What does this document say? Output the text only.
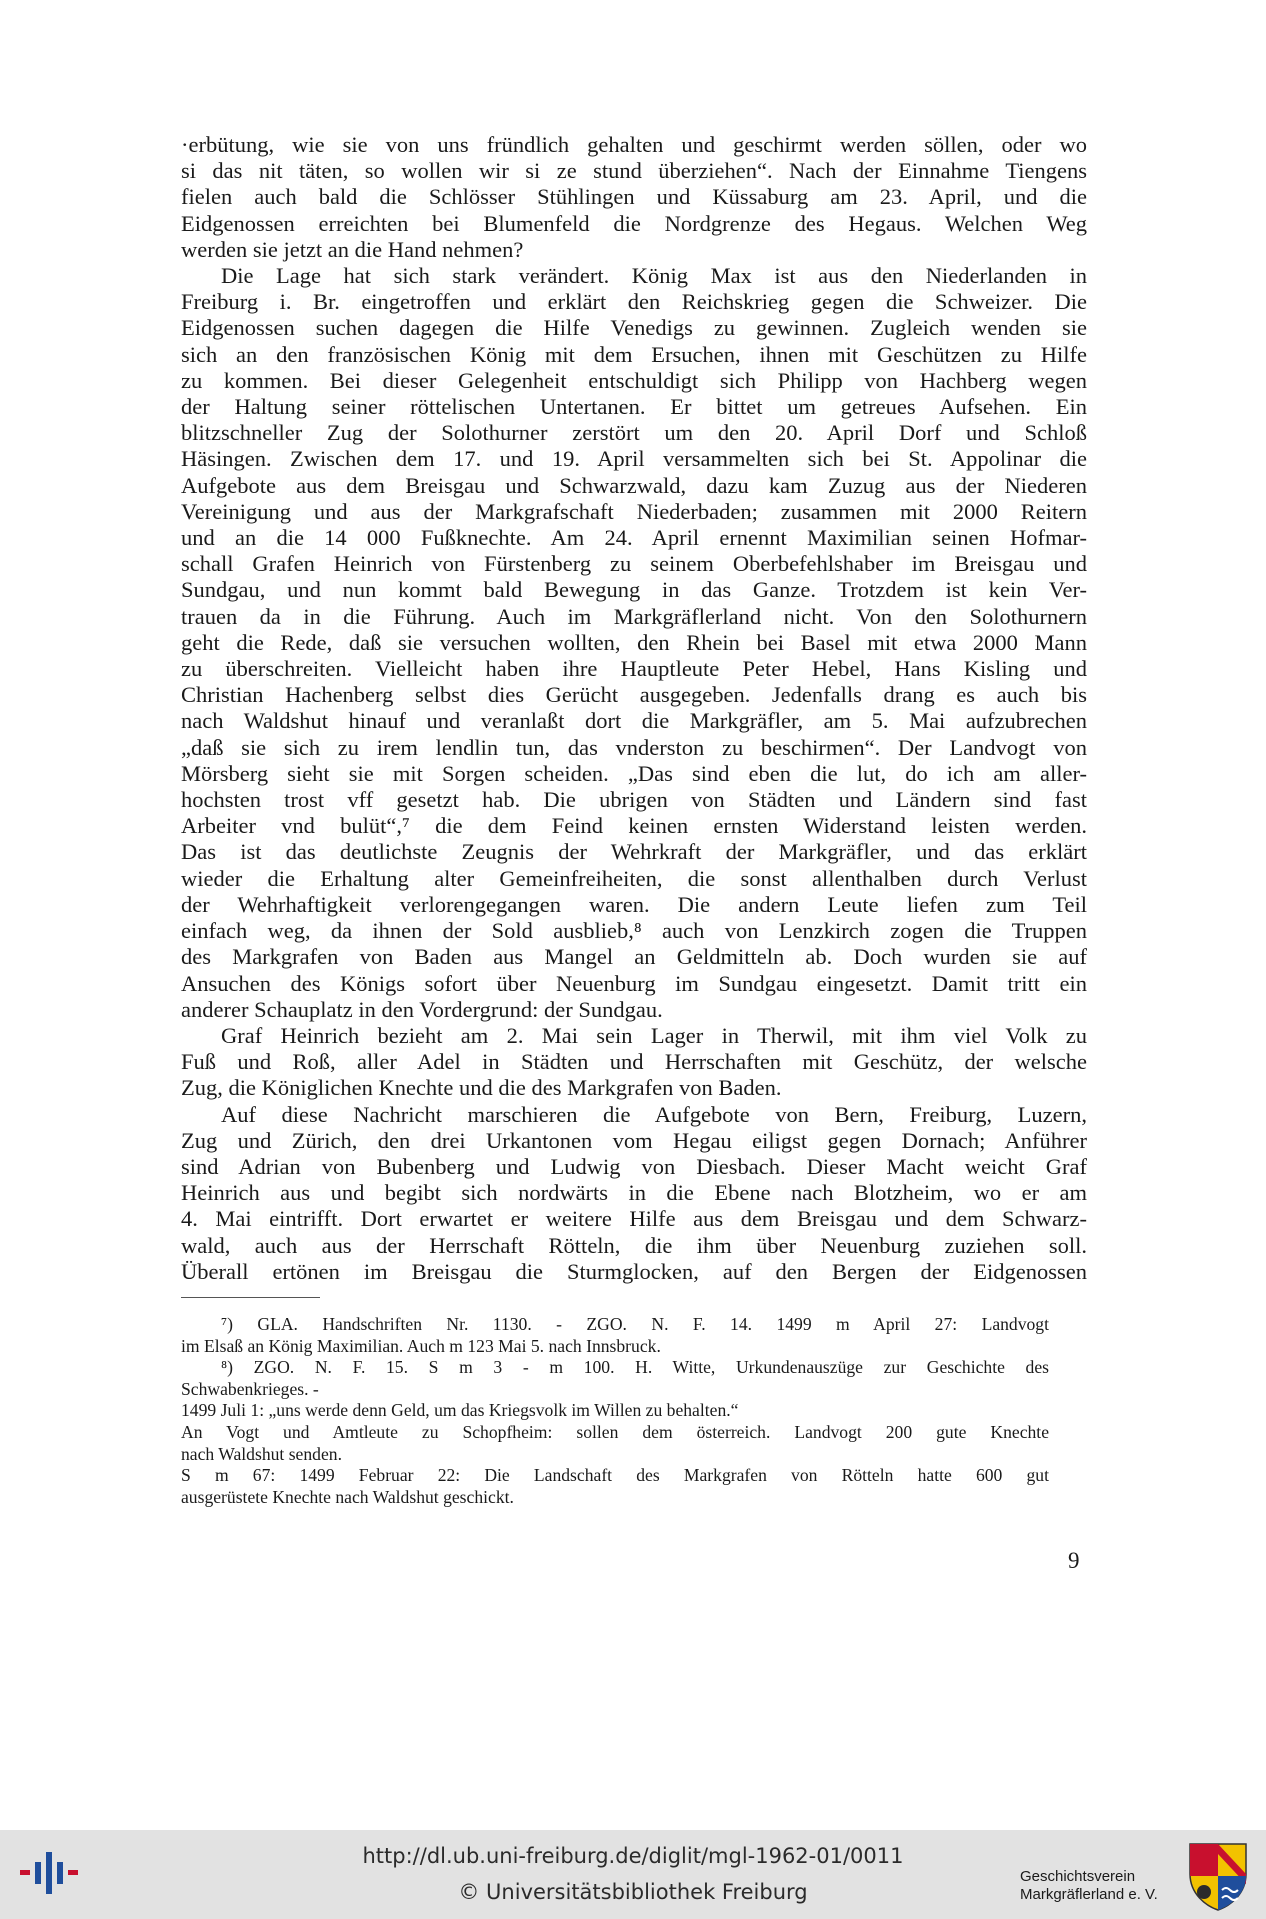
·erbütung, wie sie von uns fründlich gehalten und geschirmt werden söllen, oder wo

si das nit täten, so wollen wir si ze stund überziehen“. Nach der Einnahme Tiengens

fielen auch bald die Schlösser Stühlingen und Küssaburg am 23. April, und die

Eidgenossen erreichten bei Blumenfeld die Nordgrenze des Hegaus. Welchen Weg

werden sie jetzt an die Hand nehmen?

Die Lage hat sich stark verändert. König Max ist aus den Niederlanden in

Freiburg i. Br. eingetroffen und erklärt den Reichskrieg gegen die Schweizer. Die

Eidgenossen suchen dagegen die Hilfe Venedigs zu gewinnen. Zugleich wenden sie

sich an den französischen König mit dem Ersuchen, ihnen mit Geschützen zu Hilfe

zu kommen. Bei dieser Gelegenheit entschuldigt sich Philipp von Hachberg wegen

der Haltung seiner röttelischen Untertanen. Er bittet um getreues Aufsehen. Ein

blitzschneller Zug der Solothurner zerstört um den 20. April Dorf und Schloß

Häsingen. Zwischen dem 17. und 19. April versammelten sich bei St. Appolinar die

Aufgebote aus dem Breisgau und Schwarzwald, dazu kam Zuzug aus der Niederen

Vereinigung und aus der Markgrafschaft Niederbaden; zusammen mit 2000 Reitern

und an die 14 000 Fußknechte. Am 24. April ernennt Maximilian seinen Hofmar-

schall Grafen Heinrich von Fürstenberg zu seinem Oberbefehlshaber im Breisgau und

Sundgau, und nun kommt bald Bewegung in das Ganze. Trotzdem ist kein Ver-

trauen da in die Führung. Auch im Markgräflerland nicht. Von den Solothurnern

geht die Rede, daß sie versuchen wollten, den Rhein bei Basel mit etwa 2000 Mann

zu überschreiten. Vielleicht haben ihre Hauptleute Peter Hebel, Hans Kisling und

Christian Hachenberg selbst dies Gerücht ausgegeben. Jedenfalls drang es auch bis

nach Waldshut hinauf und veranlaßt dort die Markgräfler, am 5. Mai aufzubrechen

„daß sie sich zu irem lendlin tun, das vnderston zu beschirmen“. Der Landvogt von

Mörsberg sieht sie mit Sorgen scheiden. „Das sind eben die lut, do ich am aller-

hochsten trost vff gesetzt hab. Die ubrigen von Städten und Ländern sind fast

Arbeiter vnd bulüt“,⁷ die dem Feind keinen ernsten Widerstand leisten werden.

Das ist das deutlichste Zeugnis der Wehrkraft der Markgräfler, und das erklärt

wieder die Erhaltung alter Gemeinfreiheiten, die sonst allenthalben durch Verlust

der Wehrhaftigkeit verlorengegangen waren. Die andern Leute liefen zum Teil

einfach weg, da ihnen der Sold ausblieb,⁸ auch von Lenzkirch zogen die Truppen

des Markgrafen von Baden aus Mangel an Geldmitteln ab. Doch wurden sie auf

Ansuchen des Königs sofort über Neuenburg im Sundgau eingesetzt. Damit tritt ein

anderer Schauplatz in den Vordergrund: der Sundgau.

Graf Heinrich bezieht am 2. Mai sein Lager in Therwil, mit ihm viel Volk zu

Fuß und Roß, aller Adel in Städten und Herrschaften mit Geschütz, der welsche

Zug, die Königlichen Knechte und die des Markgrafen von Baden.

Auf diese Nachricht marschieren die Aufgebote von Bern, Freiburg, Luzern,

Zug und Zürich, den drei Urkantonen vom Hegau eiligst gegen Dornach; Anführer

sind Adrian von Bubenberg und Ludwig von Diesbach. Dieser Macht weicht Graf

Heinrich aus und begibt sich nordwärts in die Ebene nach Blotzheim, wo er am

4. Mai eintrifft. Dort erwartet er weitere Hilfe aus dem Breisgau und dem Schwarz-

wald, auch aus der Herrschaft Rötteln, die ihm über Neuenburg zuziehen soll.

Überall ertönen im Breisgau die Sturmglocken, auf den Bergen der Eidgenossen

⁷) GLA. Handschriften Nr. 1130. - ZGO. N. F. 14. 1499 m April 27: Landvogt

im Elsaß an König Maximilian. Auch m 123 Mai 5. nach Innsbruck.

⁸) ZGO. N. F. 15. S m 3 - m 100. H. Witte, Urkundenauszüge zur Geschichte des

Schwabenkrieges. -

1499 Juli 1: „uns werde denn Geld, um das Kriegsvolk im Willen zu behalten.“

An Vogt und Amtleute zu Schopfheim: sollen dem österreich. Landvogt 200 gute Knechte

nach Waldshut senden.

S m 67: 1499 Februar 22: Die Landschaft des Markgrafen von Rötteln hatte 600 gut

ausgerüstete Knechte nach Waldshut geschickt.

9
http://dl.ub.uni-freiburg.de/diglit/mgl-1962-01/0011
© Universitätsbibliothek Freiburg
Geschichtsverein
Markgräflerland e. V.
